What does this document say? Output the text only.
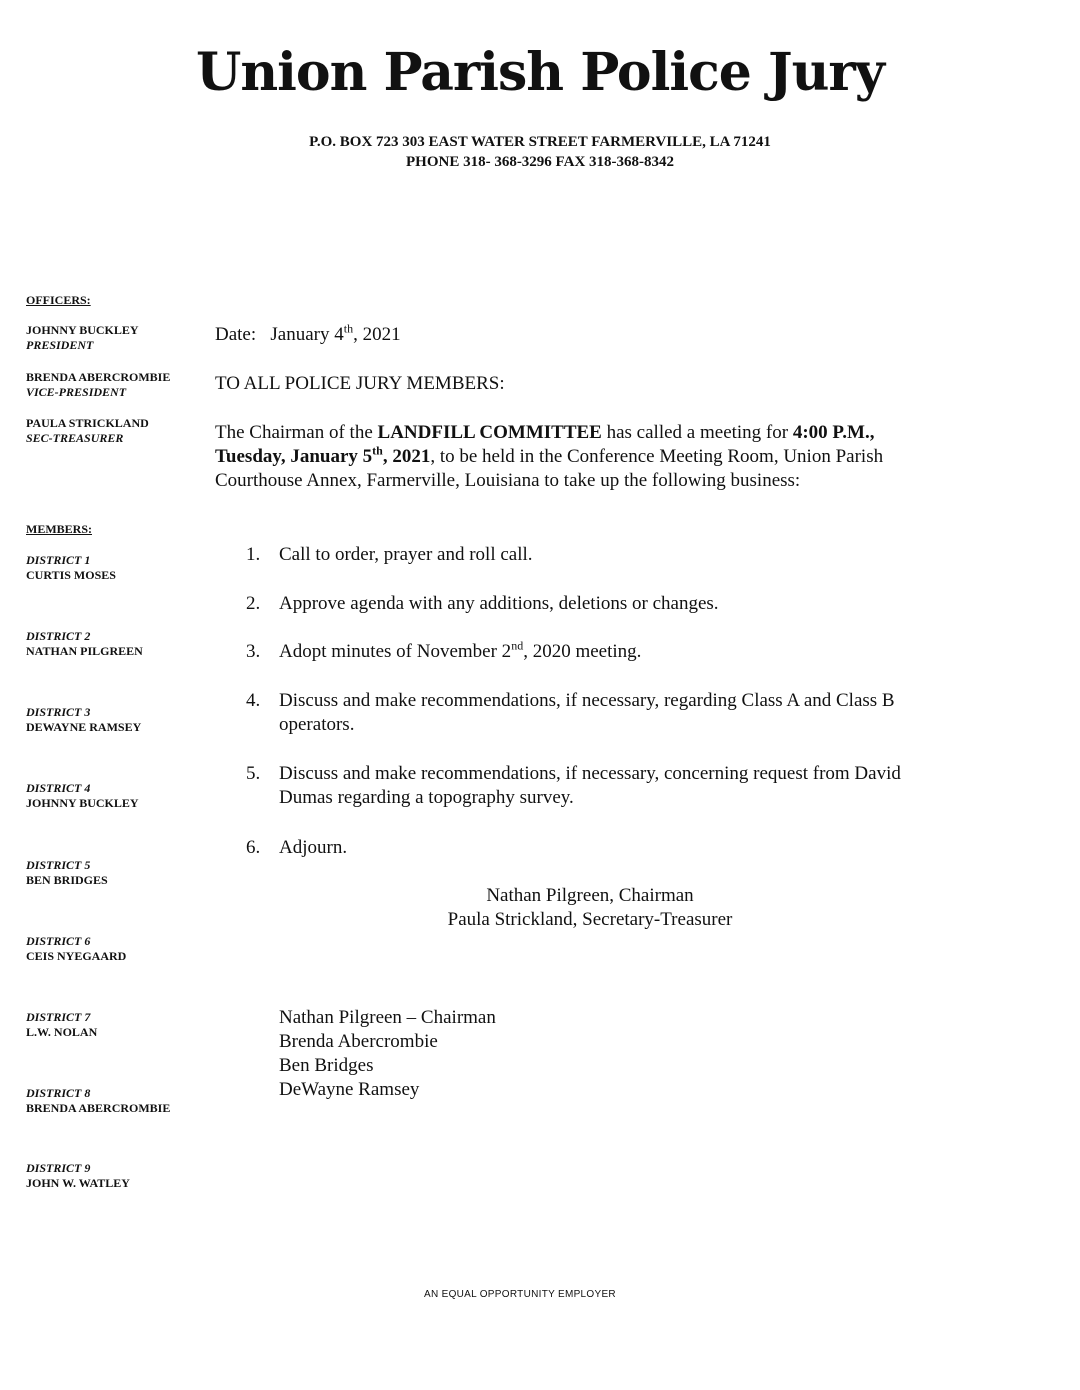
Union Parish Police Jury
P.O. BOX 723 303 EAST WATER STREET FARMERVILLE, LA 71241
PHONE 318- 368-3296 FAX 318-368-8342
OFFICERS:
JOHNNY BUCKLEY
PRESIDENT
BRENDA ABERCROMBIE
VICE-PRESIDENT
PAULA STRICKLAND
SEC-TREASURER
MEMBERS:
DISTRICT 1
CURTIS MOSES
DISTRICT 2
NATHAN PILGREEN
DISTRICT 3
DEWAYNE RAMSEY
DISTRICT 4
JOHNNY BUCKLEY
DISTRICT 5
BEN BRIDGES
DISTRICT 6
CEIS NYEGAARD
DISTRICT 7
L.W. NOLAN
DISTRICT 8
BRENDA ABERCROMBIE
DISTRICT 9
JOHN W. WATLEY
Date: January 4th, 2021
TO ALL POLICE JURY MEMBERS:
The Chairman of the LANDFILL COMMITTEE has called a meeting for 4:00 P.M., Tuesday, January 5th, 2021, to be held in the Conference Meeting Room, Union Parish Courthouse Annex, Farmerville, Louisiana to take up the following business:
1. Call to order, prayer and roll call.
2. Approve agenda with any additions, deletions or changes.
3. Adopt minutes of November 2nd, 2020 meeting.
4. Discuss and make recommendations, if necessary, regarding Class A and Class B operators.
5. Discuss and make recommendations, if necessary, concerning request from David Dumas regarding a topography survey.
6. Adjourn.
Nathan Pilgreen, Chairman
Paula Strickland, Secretary-Treasurer
Nathan Pilgreen – Chairman
Brenda Abercrombie
Ben Bridges
DeWayne Ramsey
AN EQUAL OPPORTUNITY EMPLOYER
